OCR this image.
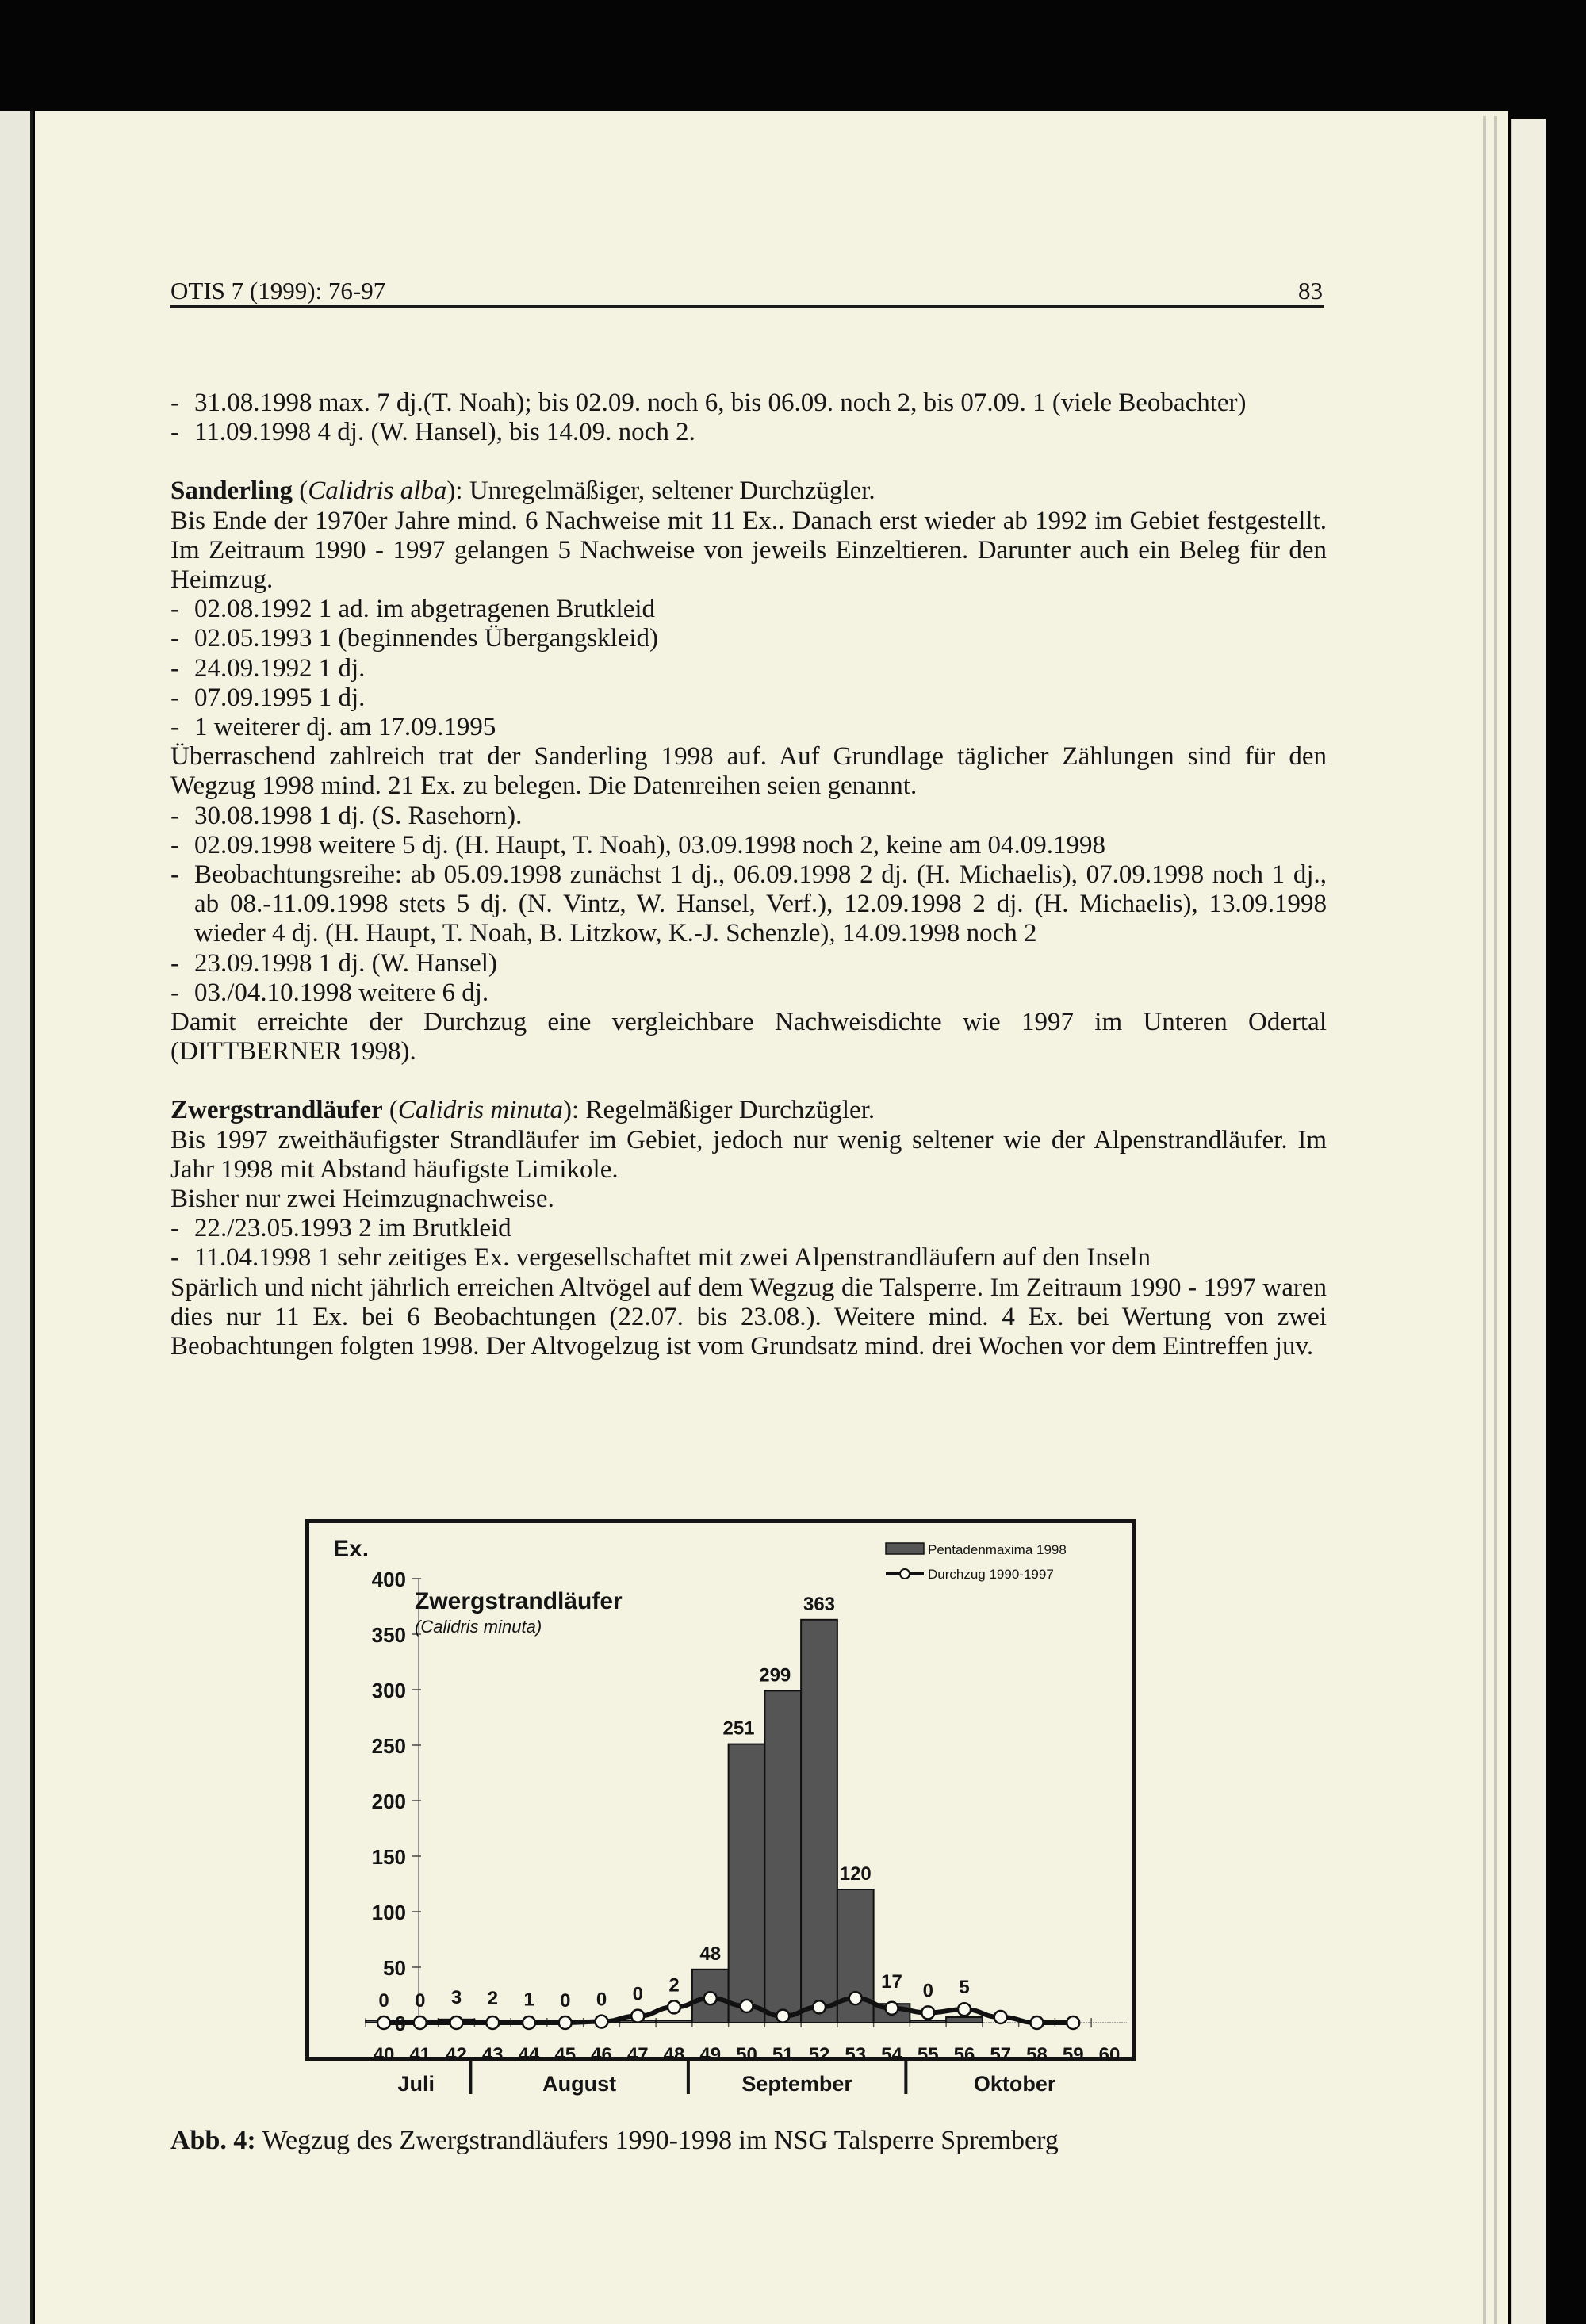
OTIS 7 (1999): 76-97	83
- 31.08.1998 max. 7 dj.(T. Noah); bis 02.09. noch 6, bis 06.09. noch 2, bis 07.09. 1 (viele Beobachter)
- 11.09.1998 4 dj. (W. Hansel), bis 14.09. noch 2.

Sanderling (Calidris alba): Unregelmäßiger, seltener Durchzügler.

Bis Ende der 1970er Jahre mind. 6 Nachweise mit 11 Ex.. Danach erst wieder ab 1992 im Gebiet festgestellt. Im Zeitraum 1990 - 1997 gelangen 5 Nachweise von jeweils Einzeltieren. Darunter auch ein Beleg für den Heimzug.

- 02.08.1992 1 ad. im abgetragenen Brutkleid
- 02.05.1993 1 (beginnendes Übergangskleid)
- 24.09.1992 1 dj.
- 07.09.1995 1 dj.
- 1 weiterer dj. am 17.09.1995

Überraschend zahlreich trat der Sanderling 1998 auf. Auf Grundlage täglicher Zählungen sind für den Wegzug 1998 mind. 21 Ex. zu belegen. Die Datenreihen seien genannt.

- 30.08.1998 1 dj. (S. Rasehorn).
- 02.09.1998 weitere 5 dj. (H. Haupt, T. Noah), 03.09.1998 noch 2, keine am 04.09.1998
- Beobachtungsreihe: ab 05.09.1998 zunächst 1 dj., 06.09.1998 2 dj. (H. Michaelis), 07.09.1998 noch 1 dj., ab 08.-11.09.1998 stets 5 dj. (N. Vintz, W. Hansel, Verf.), 12.09.1998 2 dj. (H. Michaelis), 13.09.1998 wieder 4 dj. (H. Haupt, T. Noah, B. Litzkow, K.-J. Schenzle), 14.09.1998 noch 2

- 23.09.1998 1 dj. (W. Hansel)
- 03./04.10.1998 weitere 6 dj.

Damit erreichte der Durchzug eine vergleichbare Nachweisdichte wie 1997 im Unteren Odertal (DITTBERNER 1998).

Zwergstrandläufer (Calidris minuta): Regelmäßiger Durchzügler.

Bis 1997 zweithäufigster Strandläufer im Gebiet, jedoch nur wenig seltener wie der Alpenstrandläufer. Im Jahr 1998 mit Abstand häufigste Limikole.

Bisher nur zwei Heimzugnachweise.

- 22./23.05.1993 2 im Brutkleid
- 11.04.1998 1 sehr zeitiges Ex. vergesellschaftet mit zwei Alpenstrandläufern auf den Inseln

Spärlich und nicht jährlich erreichen Altvögel auf dem Wegzug die Talsperre. Im Zeitraum 1990 - 1997 waren dies nur 11 Ex. bei 6 Beobachtungen (22.07. bis 23.08.). Weitere mind. 4 Ex. bei Wertung von zwei Beobachtungen folgten 1998. Der Altvogelzug ist vom Grundsatz mind. drei Wochen vor dem Eintreffen juv.

Ex.
50
100
150
200
250
300
350
400
40 41 42 43 44 45 46 47 48 49 50 51 52 53 54 55 56 57 58 59 60
Zwergstrandläufer
(Calidris minuta)
0 0 3 2 1 0 0 0 2
48
251
299
363
120
17 0 5
Pentadenmaxima 1998
Durchzug 1990-1997
Abb. 4: Wegzug des Zwergstrandläufers 1990-1998 im NSG Talsperre Spremberg
Juli	August	September	Oktober
